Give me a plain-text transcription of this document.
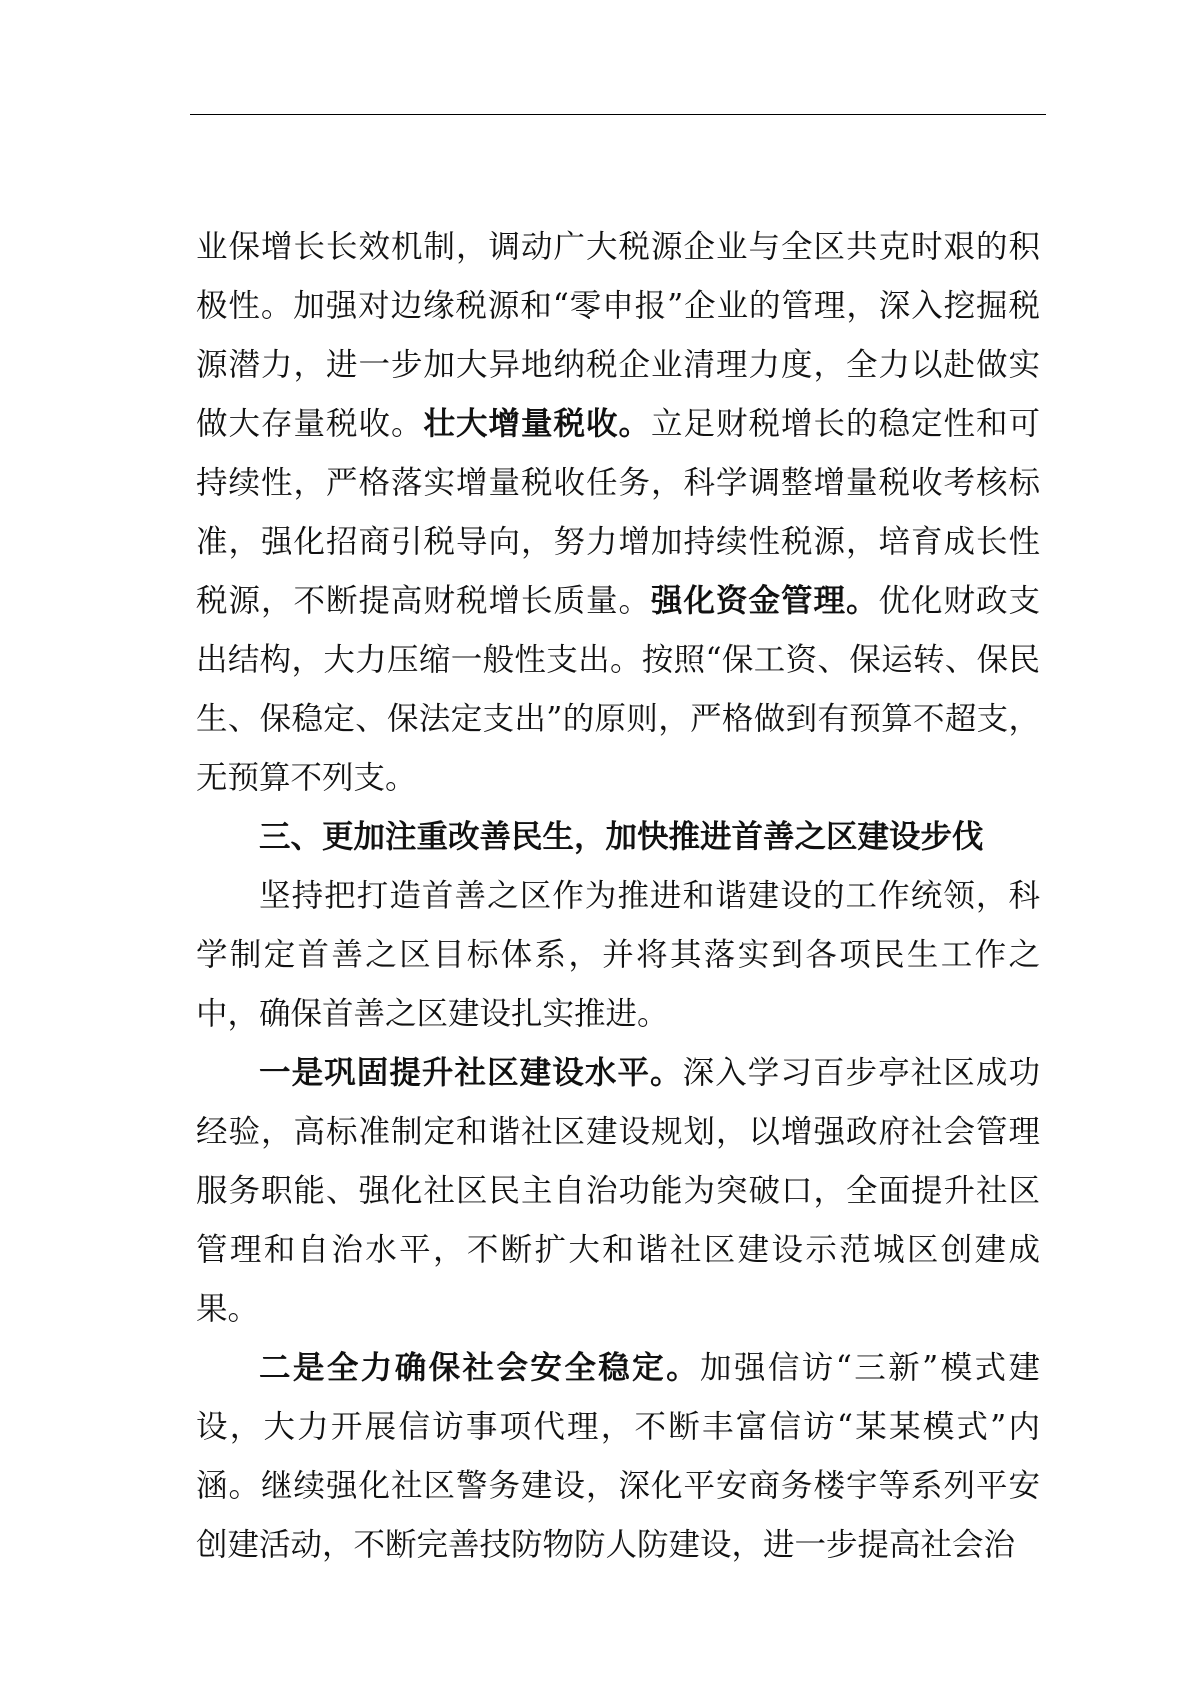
业保增长长效机制，调动广大税源企业与全区共克时艰的积极性。加强对边缘税源和“零申报”企业的管理，深入挖掘税源潜力，进一步加大异地纳税企业清理力度，全力以赴做实做大存量税收。壮大增量税收。立足财税增长的稳定性和可持续性，严格落实增量税收任务，科学调整增量税收考核标准，强化招商引税导向，努力增加持续性税源，培育成长性税源，不断提高财税增长质量。强化资金管理。优化财政支出结构，大力压缩一般性支出。按照“保工资、保运转、保民生、保稳定、保法定支出”的原则，严格做到有预算不超支，无预算不列支。

三、更加注重改善民生，加快推进首善之区建设步伐

坚持把打造首善之区作为推进和谐建设的工作统领，科学制定首善之区目标体系，并将其落实到各项民生工作之中，确保首善之区建设扎实推进。

一是巩固提升社区建设水平。深入学习百步亭社区成功经验，高标准制定和谐社区建设规划，以增强政府社会管理服务职能、强化社区民主自治功能为突破口，全面提升社区管理和自治水平，不断扩大和谐社区建设示范城区创建成果。

二是全力确保社会安全稳定。加强信访“三新”模式建设，大力开展信访事项代理，不断丰富信访“某某模式”内涵。继续强化社区警务建设，深化平安商务楼宇等系列平安创建活动，不断完善技防物防人防建设，进一步提高社会治
